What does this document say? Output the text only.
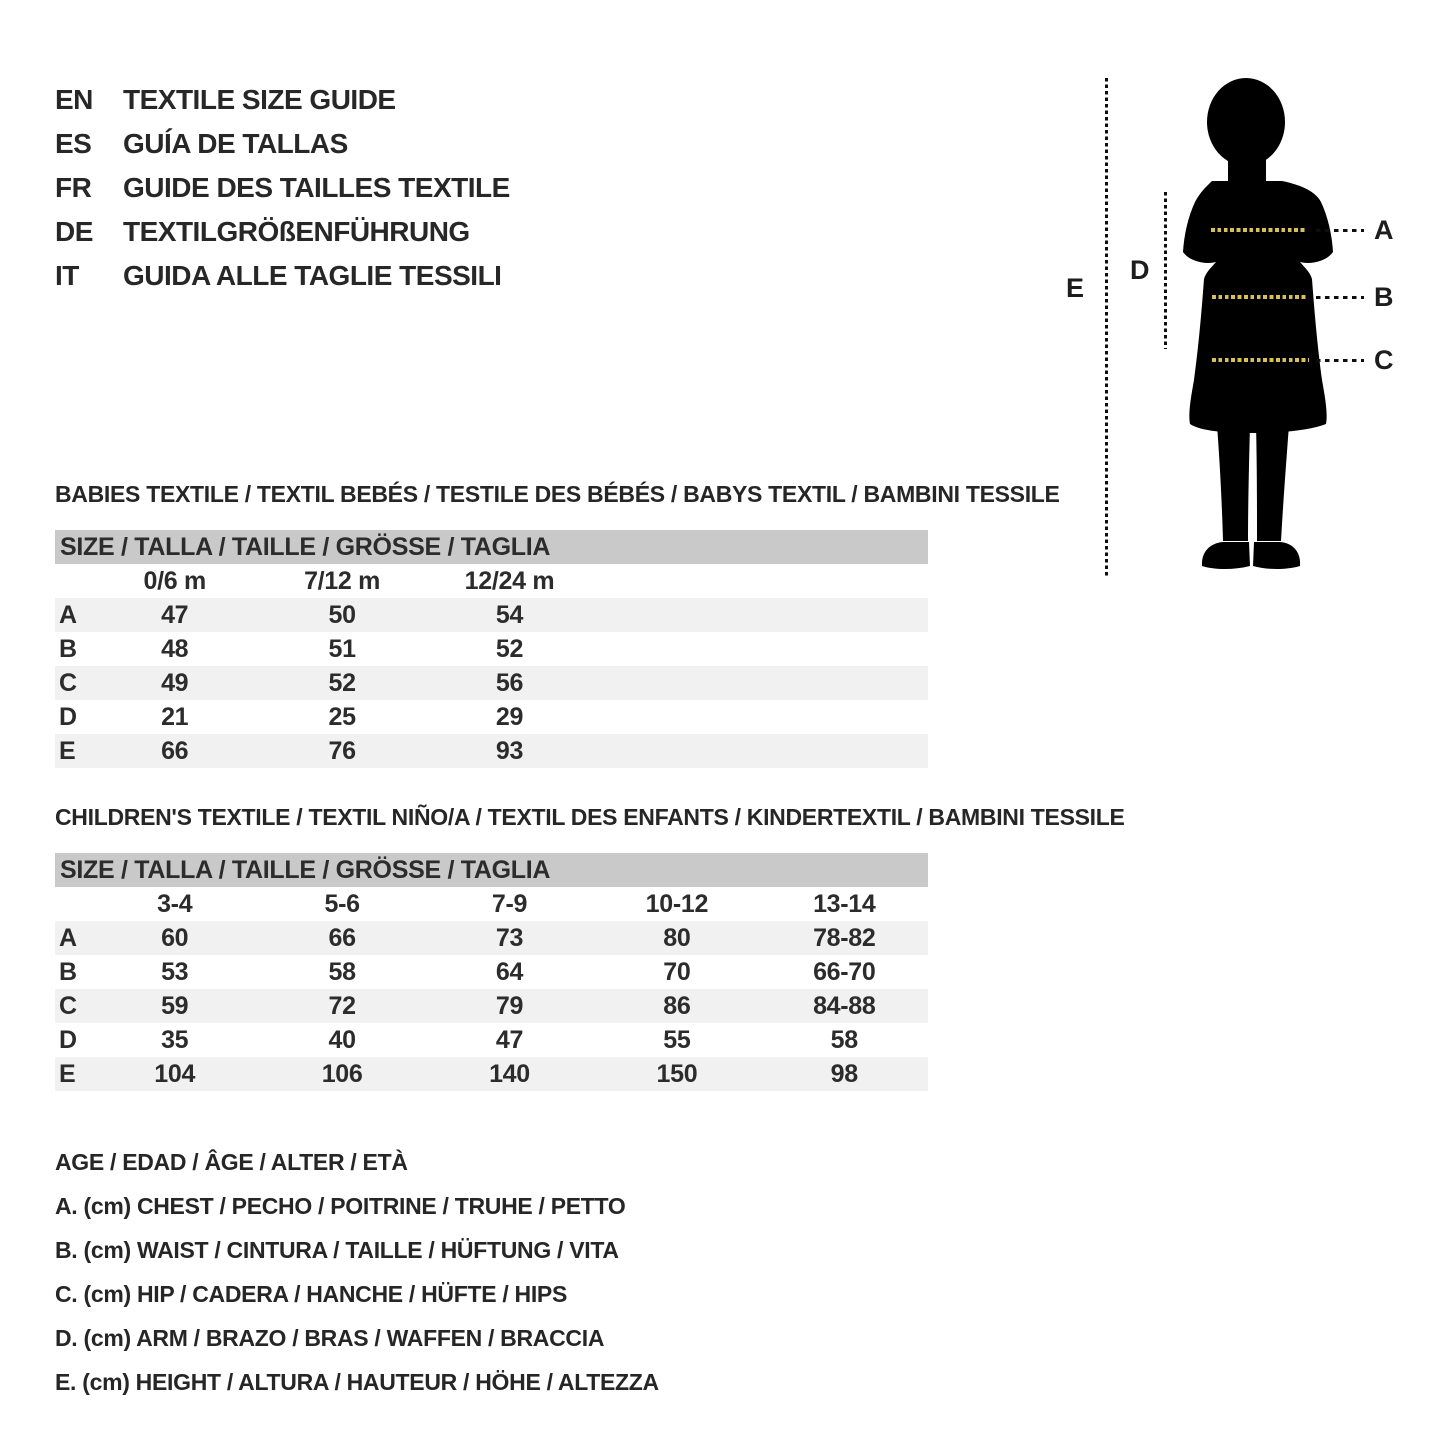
EN	TEXTILE SIZE GUIDE
ES	GUÍA DE TALLAS
FR	GUIDE DES TAILLES TEXTILE
DE	TEXTILGRÖßENFÜHRUNG
IT	GUIDA ALLE TAGLIE TESSILI	E
D
A
B
C
BABIES TEXTILE / TEXTIL BEBÉS / TESTILE DES BÉBÉS / BABYS TEXTIL / BAMBINI TESSILE
SIZE / TALLA / TAILLE / GRÖSSE / TAGLIA
0/6 m	7/12 m	12/24 m
A	47	50	54
B	48	51	52
C	49	52	56
D	21	25	29
E	66	76	93
CHILDREN'S TEXTILE / TEXTIL NIÑO/A / TEXTIL DES ENFANTS / KINDERTEXTIL / BAMBINI TESSILE
SIZE / TALLA / TAILLE / GRÖSSE / TAGLIA
3-4	5-6	7-9	10-12	13-14
A	60	66	73	80	78-82
B	53	58	64	70	66-70
C	59	72	79	86	84-88
D	35	40	47	55	58
E	104	106	140	150	98
AGE / EDAD / ÂGE / ALTER / ETÀ
A. (cm) CHEST / PECHO / POITRINE / TRUHE / PETTO
B. (cm) WAIST / CINTURA / TAILLE / HÜFTUNG / VITA
C. (cm) HIP / CADERA / HANCHE / HÜFTE / HIPS
D. (cm) ARM / BRAZO / BRAS / WAFFEN / BRACCIA
E. (cm) HEIGHT / ALTURA / HAUTEUR / HÖHE / ALTEZZA
